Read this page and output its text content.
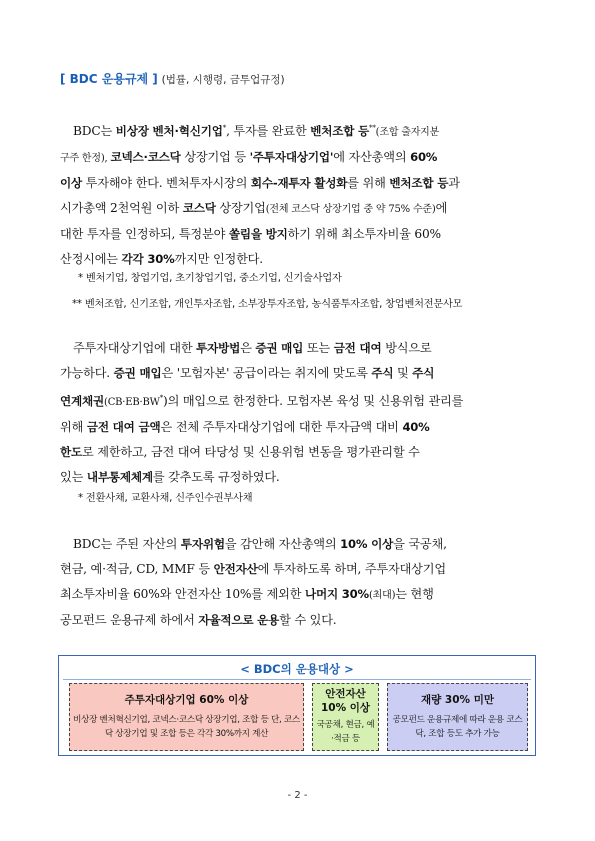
[ BDC 운용규제 ] (법률, 시행령, 금투업규정)
BDC는 비상장 벤처·혁신기업*, 투자를 완료한 벤처조합 등**(조합 출자지분
구주 한정), 코넥스·코스닥 상장기업 등 '주투자대상기업'에 자산총액의 60%
이상 투자해야 한다. 벤처투자시장의 회수-재투자 활성화를 위해 벤처조합 등과
시가총액 2천억원 이하 코스닥 상장기업(전체 코스닥 상장기업 중 약 75% 수준)에
대한 투자를 인정하되, 특정분야 쏠림을 방지하기 위해 최소투자비율 60%
산정시에는 각각 30%까지만 인정한다.
* 벤처기업, 창업기업, 초기창업기업, 중소기업, 신기술사업자
** 벤처조합, 신기조합, 개인투자조합, 소부장투자조합, 농식품투자조합, 창업벤처전문사모
주투자대상기업에 대한 투자방법은 증권 매입 또는 금전 대여 방식으로
가능하다. 증권 매입은 '모험자본' 공급이라는 취지에 맞도록 주식 및 주식
연계채권(CB·EB·BW*)의 매입으로 한정한다. 모험자본 육성 및 신용위험 관리를
위해 금전 대여 금액은 전체 주투자대상기업에 대한 투자금액 대비 40%
한도로 제한하고, 금전 대여 타당성 및 신용위험 변동을 평가관리할 수
있는 내부통제체계를 갖추도록 규정하였다.
* 전환사채, 교환사채, 신주인수권부사채
BDC는 주된 자산의 투자위험을 감안해 자산총액의 10% 이상을 국공채,
현금, 예·적금, CD, MMF 등 안전자산에 투자하도록 하며, 주투자대상기업
최소투자비율 60%와 안전자산 10%를 제외한 나머지 30%(최대)는 현행
공모펀드 운용규제 하에서 자율적으로 운용할 수 있다.
< BDC의 운용대상 >
주투자대상기업 60% 이상
비상장 벤처혁신기업, 코넥스·코스닥 상장기업, 조합 등 단, 코스닥 상장기업 및 조합 등은 각각 30%까지 계산
안전자산
10% 이상
국공채, 현금, 예·적금 등
재량 30% 미만
공모펀드 운용규제에 따라 운용 코스닥, 조합 등도 추가 가능
- 2 -
